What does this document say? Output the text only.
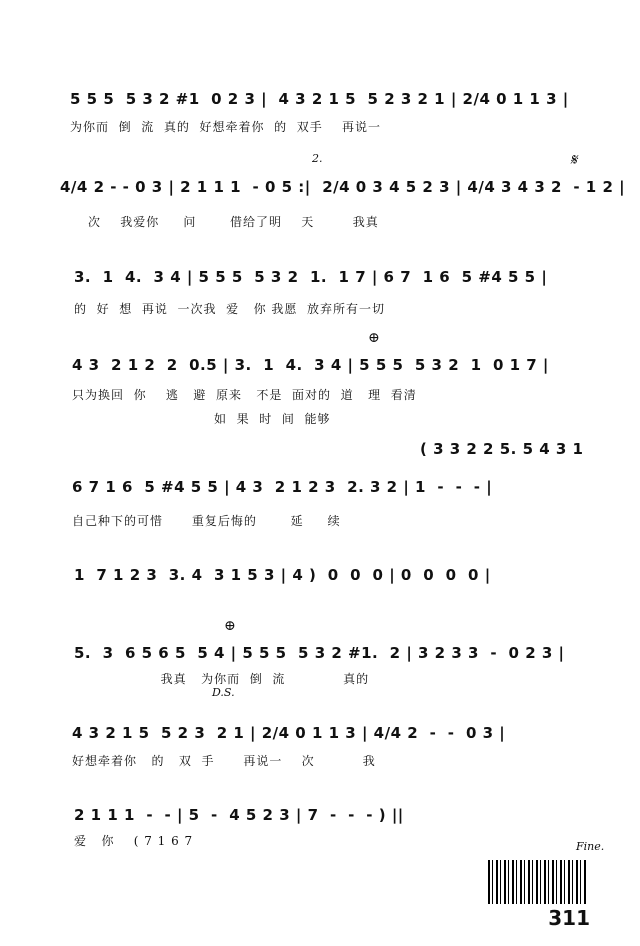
5 5 5  5 3 2 #1  0 2 3 |  4 3 2 1 5  5 2 3 2 1 | 2/4 0 1 1 3 |
为你而  倒  流  真的  好想牵着你  的  双手    再说一
2.	𝄋
4/4 2 - - 0 3 | 2 1 1 1  - 0 5 :|  2/4 0 3 4 5 2 3 | 4/4 3 4 3 2  - 1 2 |
次    我爱你     问       借给了明    天        我真
3.  1  4.  3 4 | 5 5 5  5 3 2  1.  1 7 | 6 7  1 6  5 #4 5 5 |
的  好  想  再说  一次我  爱   你 我愿  放弃所有一切
⊕
4 3  2 1 2  2  0.5 | 3.  1  4.  3 4 | 5 5 5  5 3 2  1  0 1 7 |
只为换回  你    逃   避  原来   不是  面对的  道   理  看清
如  果  时  间  能够
( 3 3 2 2 5. 5 4 3 1
6 7 1 6  5 #4 5 5 | 4 3  2 1 2 3  2. 3 2 | 1  -  -  - |
自己种下的可惜      重复后悔的       延     续
1  7 1 2 3  3. 4  3 1 5 3 | 4 )  0  0  0 | 0  0  0  0 |
⊕
5.  3  6 5 6 5  5 4 | 5 5 5  5 3 2 #1.  2 | 3 2 3 3  -  0 2 3 |
我真   为你而  倒  流            真的
D.S.
4 3 2 1 5  5 2 3  2 1 | 2/4 0 1 1 3 | 4/4 2  -  -  0 3 |
好想牵着你   的   双  手      再说一    次          我
2 1 1 1  -  - | 5  -  4 5 2 3 | 7  -  -  - ) ||
爱   你    ( 7 1 6 7	Fine.
311
